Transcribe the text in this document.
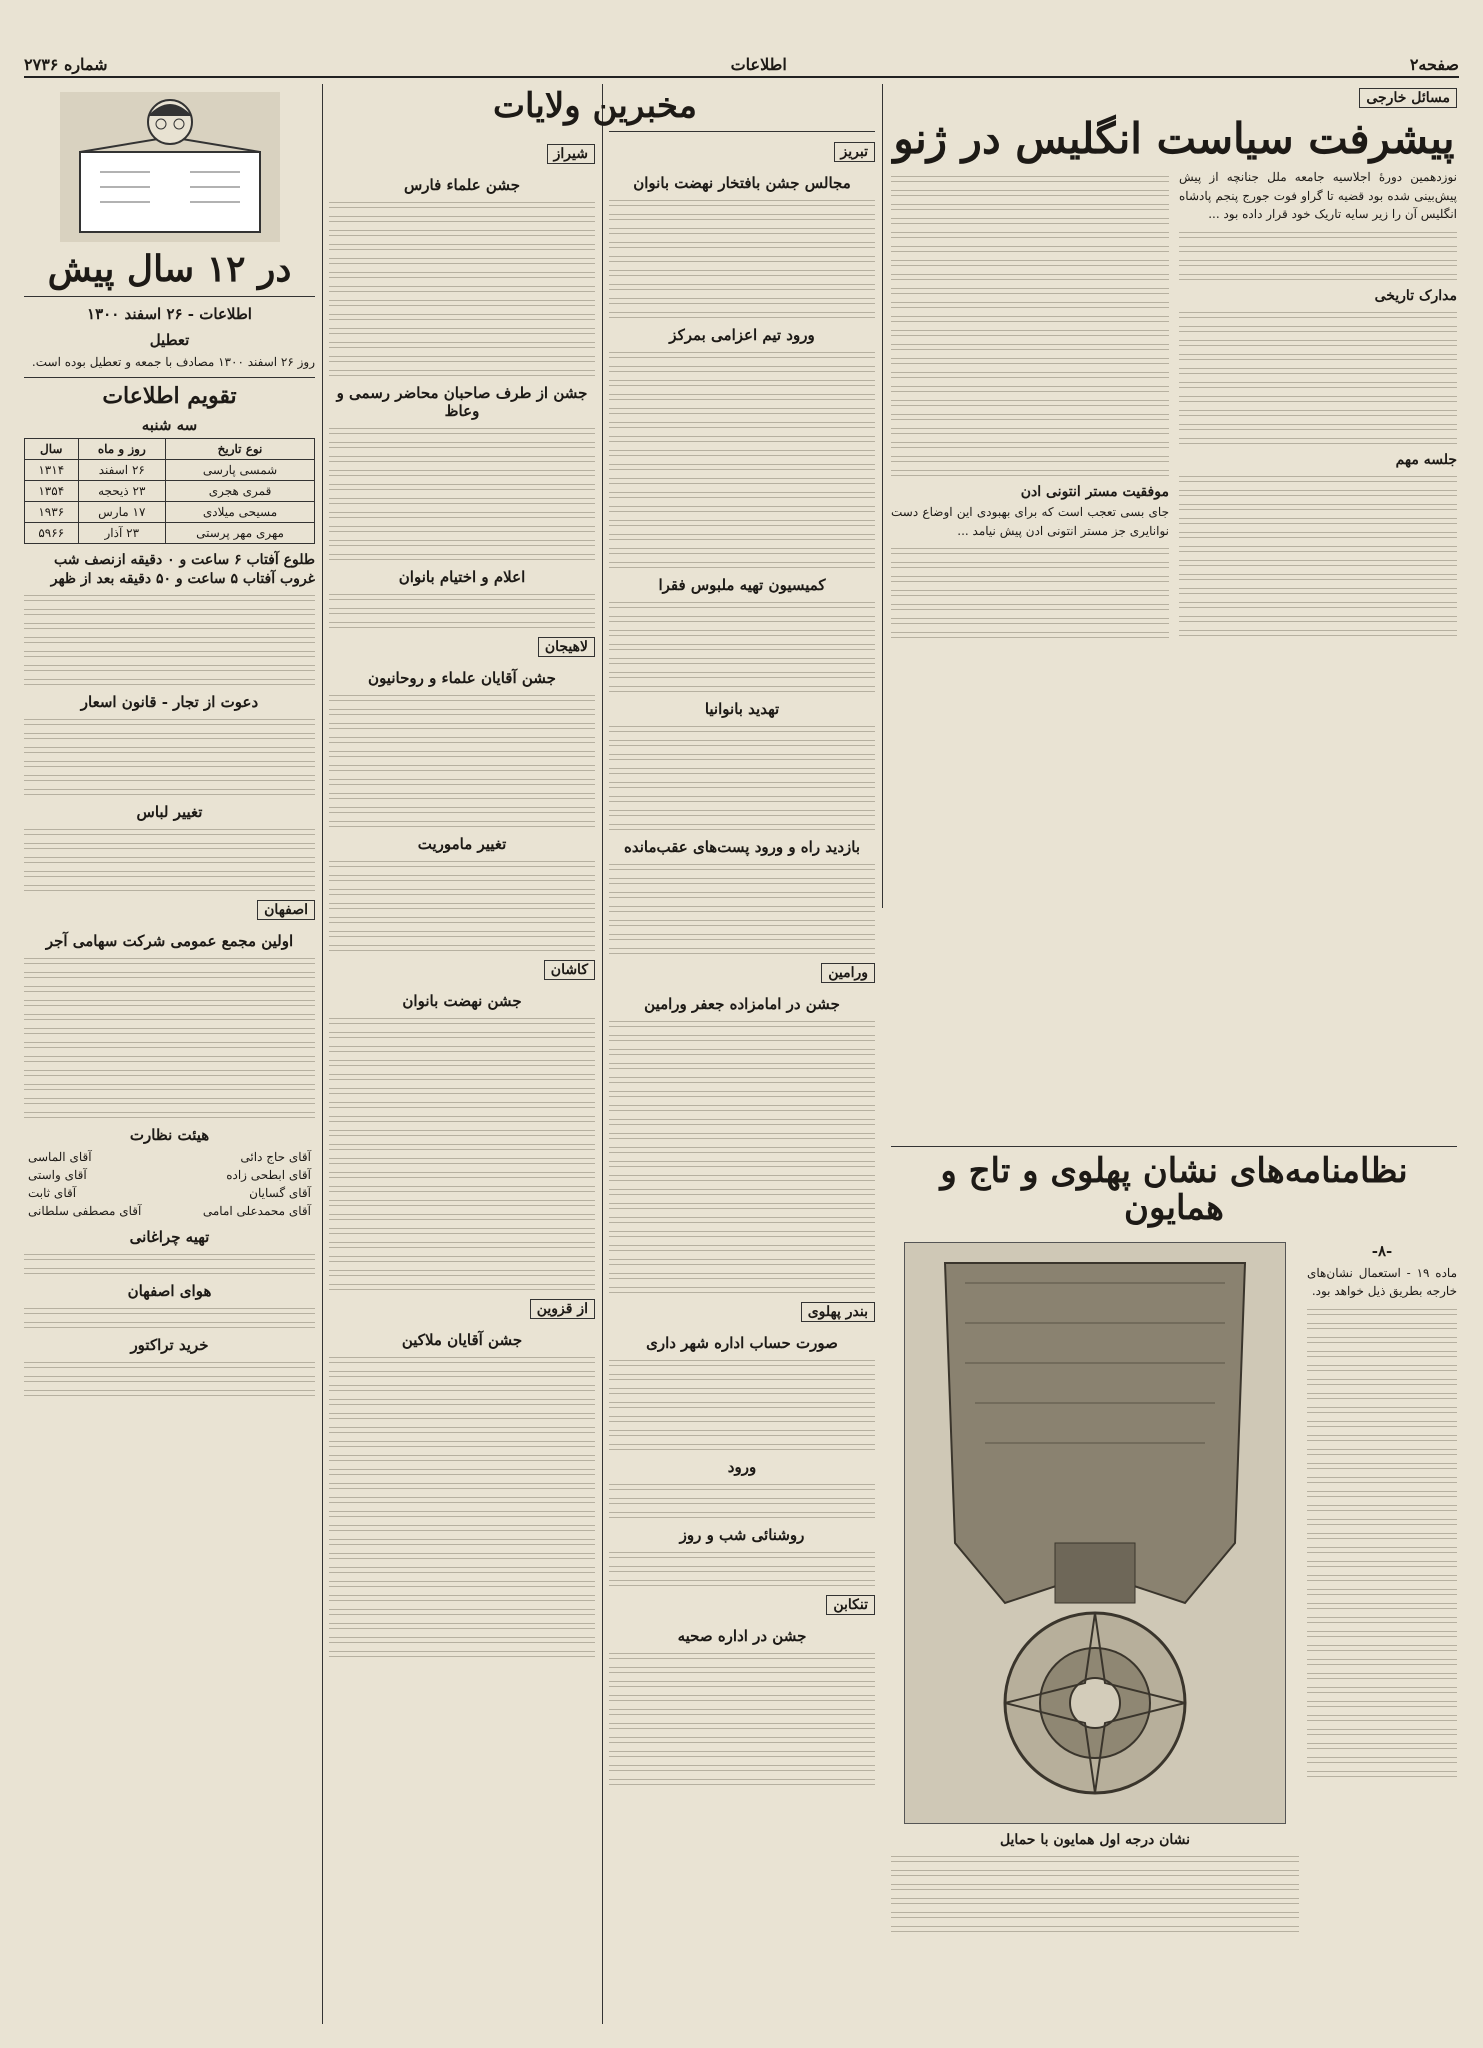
صفحه۲
اطلاعات
شماره ۲۷۳۶
مسائل خارجی
پیشرفت سیاست انگلیس در ژنو

نوزدهمین دورهٔ اجلاسیه جامعه ملل جنانچه از پیش پیش‌بینی شده بود قضیه تا گراو فوت جورج پنجم پادشاه انگلیس آن را زیر سایه تاریک خود قرار داده بود ...

مدارک تاریخی
جلسه مهم
موفقیت مستر انتونی ادن

جای بسی تعجب است که برای بهبودی این اوضاع دست نوانایری جز مستر انتونی ادن پیش نیامد ...

نظامنامه‌های نشان پهلوی و تاج و همایون
-۸-

ماده ۱۹ - استعمال نشان‌های خارجه بطریق ذیل خواهد بود.

نشان درجه اول همایون با حمایل
مخبرین ولایات
تبریز
مجالس جشن بافتخار نهضت بانوان
ورود تیم اعزامی بمرکز
کمیسیون تهیه ملبوس فقرا
تهدید بانوانیا
بازدید راه و ورود پست‌های عقب‌مانده
ورامین
جشن در امامزاده جعفر ورامین
بندر پهلوی
صورت حساب اداره شهر داری
ورود
روشنائی شب و روز
تنکابن
جشن در اداره صحیه
شیراز
جشن علماء فارس
جشن از طرف صاحبان محاضر رسمی و وعاظ
اعلام و اختیام بانوان
لاهیجان
جشن آقایان علماء و روحانیون
تغییر ماموریت
کاشان
جشن نهضت بانوان
از قزوین
جشن آقایان ملاکین
در ۱۲ سال پیش
اطلاعات - ۲۶ اسفند ۱۳۰۰
تعطیل

روز ۲۶ اسفند ۱۳۰۰ مصادف با جمعه و تعطیل بوده است.

تقویم اطلاعات
سه شنبه
نوع تاریخ	روز و ماه	سال
شمسی پارسی	۲۶ اسفند	۱۳۱۴
قمری هجری	۲۳ ذیحجه	۱۳۵۴
مسیحی میلادی	۱۷ مارس	۱۹۳۶
مهری مهر پرستی	۲۳ آذار	۵۹۶۶
طلوع آفتاب ۶ ساعت و ۰ دقیقه ازنصف شب
غروب آفتاب ۵ ساعت و ۵۰ دقیقه بعد از ظهر
دعوت از تجار - قانون اسعار
تغییر لباس
اصفهان
اولین مجمع عمومی شرکت سهامی آجر
هیئت نظارت
آقای حاج دائی
آقای الماسی
آقای ابطحی زاده
آقای واستی
آقای گسایان
آقای ثابت
آقای محمدعلی امامی
آقای مصطفی سلطانی
تهیه چراغانی
هوای اصفهان
خرید تراکتور
